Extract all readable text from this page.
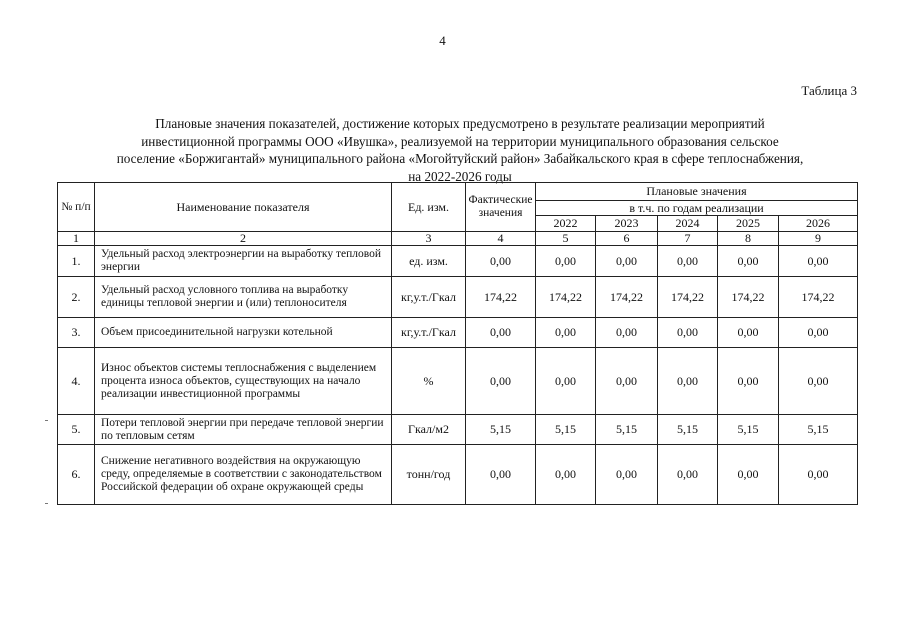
4
Таблица 3
Плановые значения показателей, достижение которых предусмотрено в результате реализации мероприятий
инвестиционной программы ООО «Ивушка», реализуемой на территории муниципального образования сельское
поселение «Боржигантай» муниципального района «Могойтуйский район» Забайкальского края в сфере теплоснабжения,
на 2022-2026 годы
№ п/п	Наименование показателя	Ед. изм.	Фактические значения	Плановые значения				
				в т.ч. по годам реализации				
				2022	2023	2024	2025	2026
1	2	3	4	5	6	7	8	9
1.	Удельный расход электроэнергии на выработку тепловой энергии	ед. изм.	0,00	0,00	0,00	0,00	0,00	0,00
2.	Удельный расход условного топлива на выработку единицы тепловой энергии и (или) теплоносителя	кг,у.т./Гкал	174,22	174,22	174,22	174,22	174,22	174,22
3.	Объем присоединительной нагрузки котельной	кг,у.т./Гкал	0,00	0,00	0,00	0,00	0,00	0,00
4.	Износ объектов системы теплоснабжения с выделением процента износа объектов, существующих на начало реализации инвестиционной программы	%	0,00	0,00	0,00	0,00	0,00	0,00
5.	Потери тепловой энергии при передаче тепловой энергии по тепловым сетям	Гкал/м2	5,15	5,15	5,15	5,15	5,15	5,15
6.	Снижение негативного воздействия на окружающую среду, определяемые в соответствии с законодательством Российской федерации об охране окружающей среды	тонн/год	0,00	0,00	0,00	0,00	0,00	0,00
